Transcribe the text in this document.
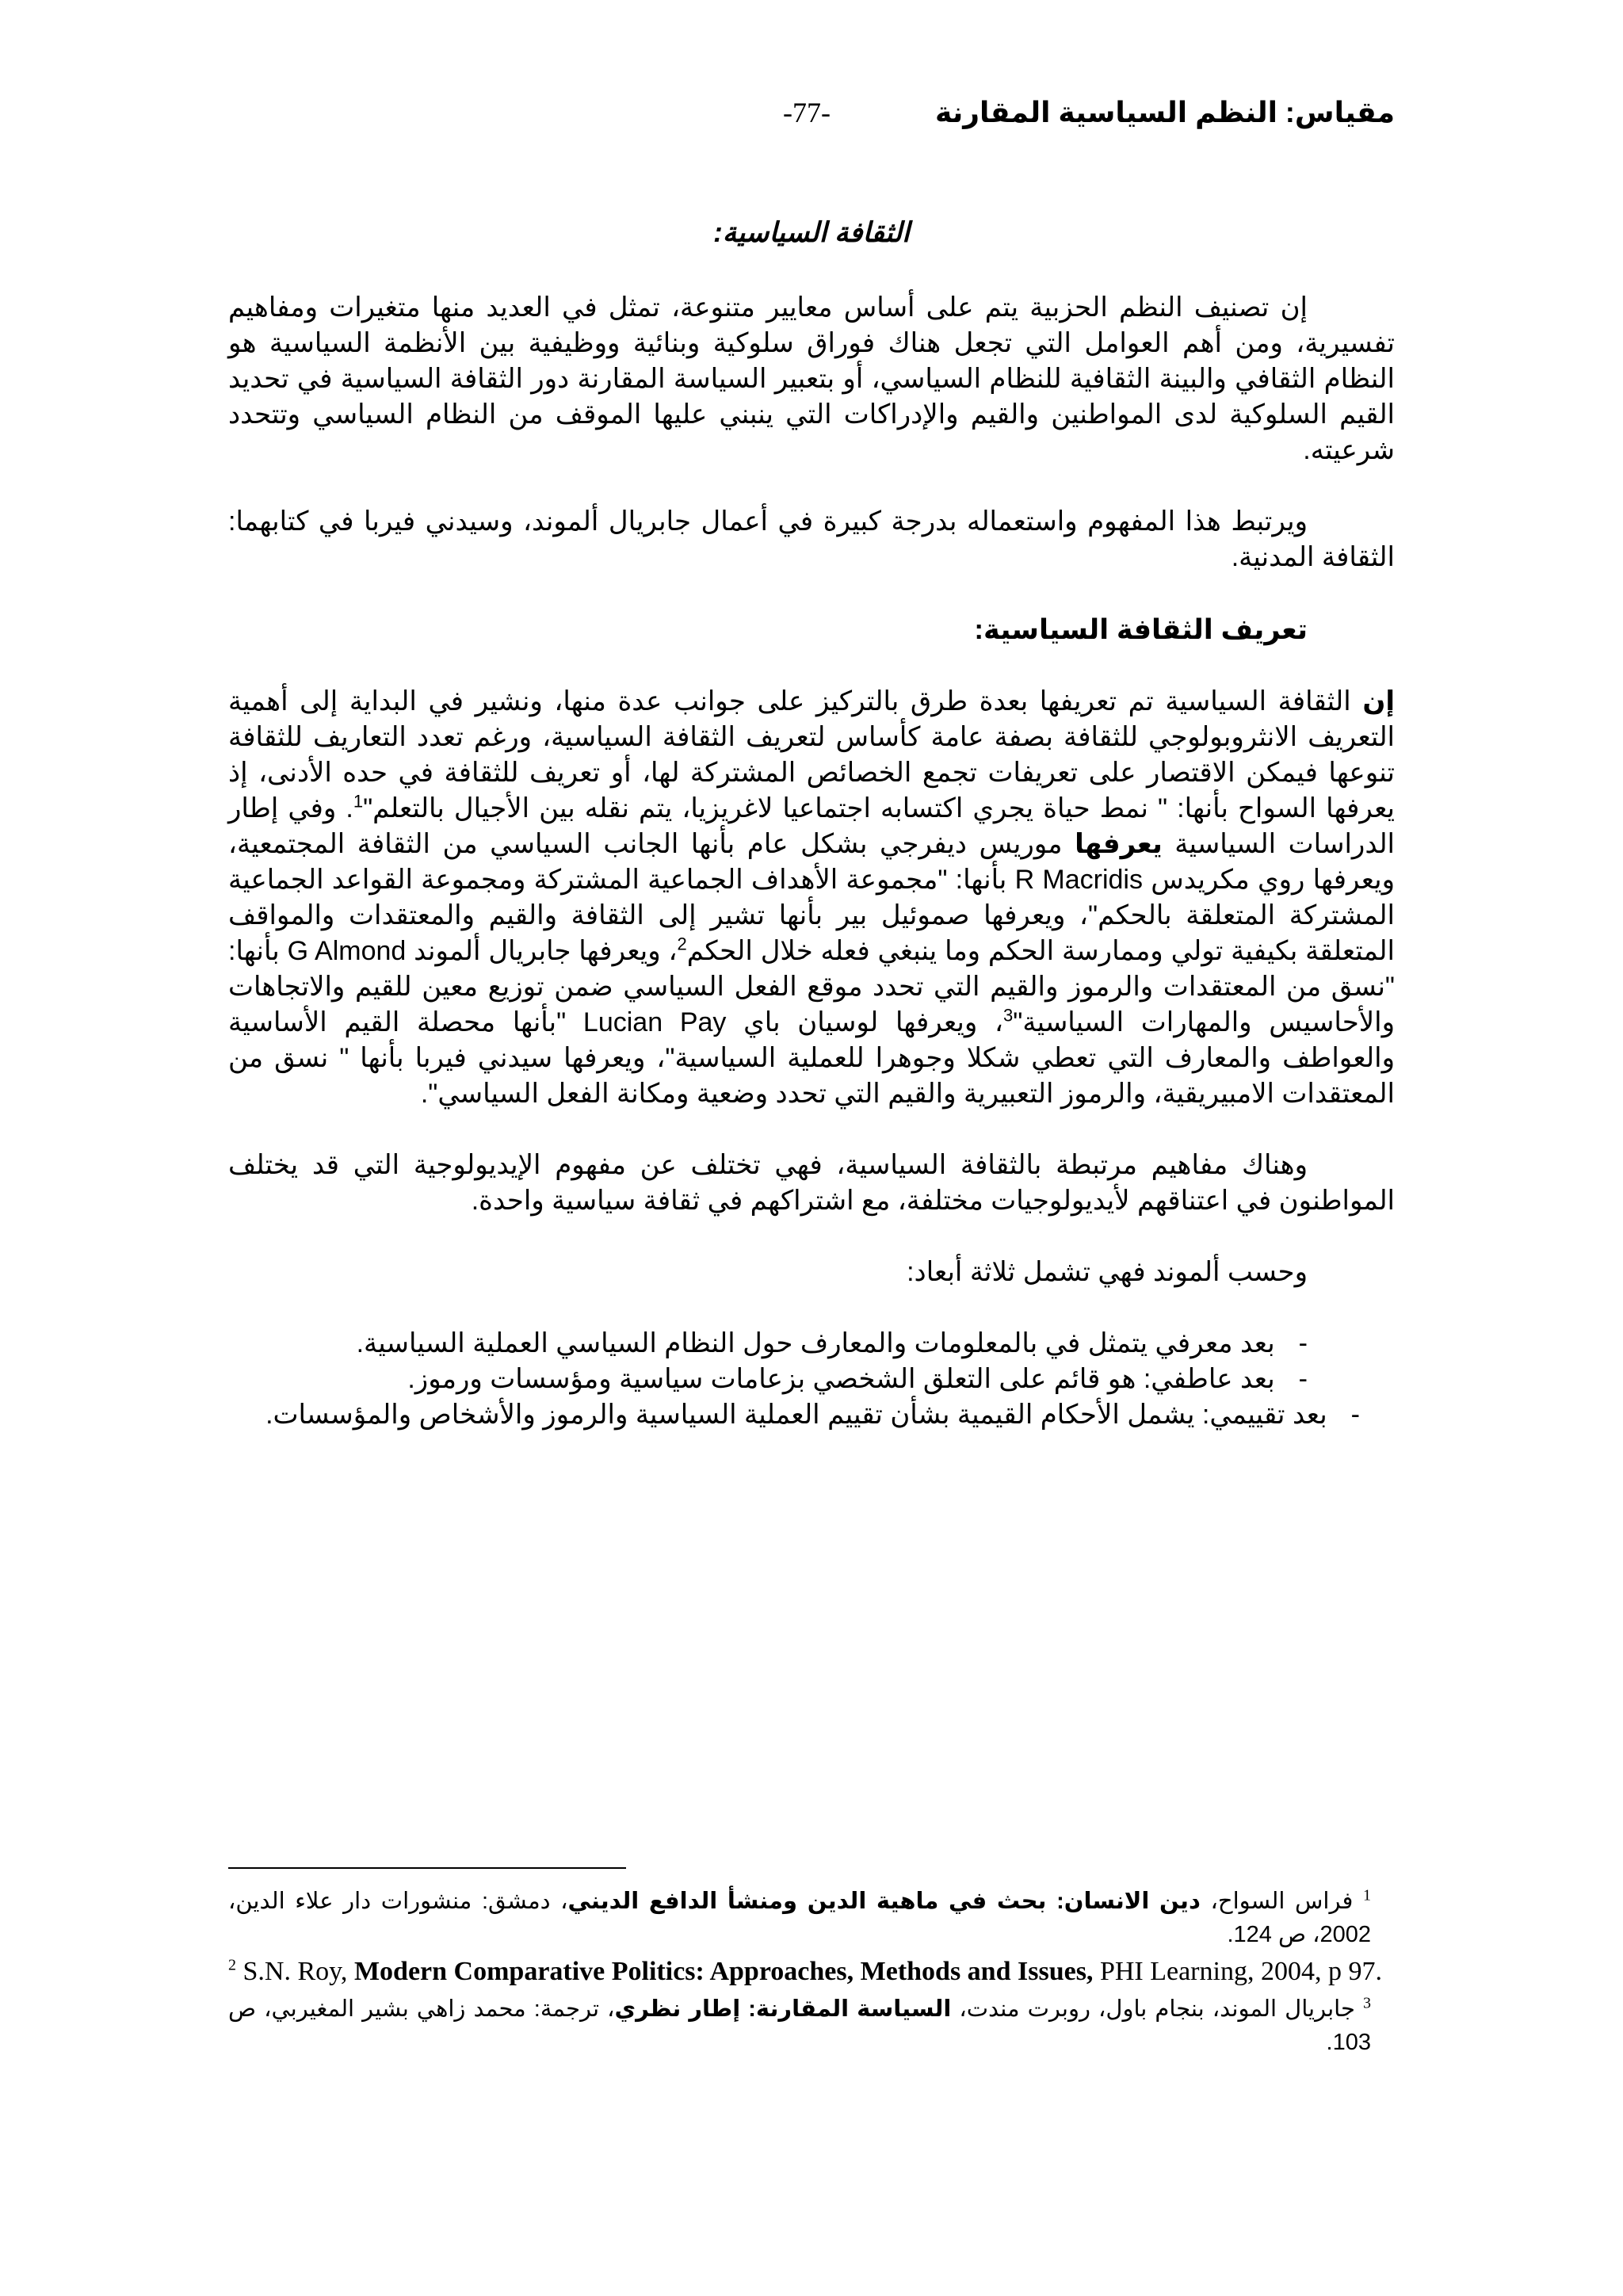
مقياس: النظم السياسية المقارنة
-77-
الثقافة السياسية:

إن تصنيف النظم الحزبية يتم على أساس معايير متنوعة، تمثل في العديد منها متغيرات ومفاهيم تفسيرية، ومن أهم العوامل التي تجعل هناك فوراق سلوكية وبنائية ووظيفية بين الأنظمة السياسية هو النظام الثقافي والبينة الثقافية للنظام السياسي، أو بتعبير السياسة المقارنة دور الثقافة السياسية في تحديد القيم السلوكية لدى المواطنين والقيم والإدراكات التي ينبني عليها الموقف من النظام السياسي وتتحدد شرعيته.

ويرتبط هذا المفهوم واستعماله بدرجة كبيرة في أعمال جابريال ألموند، وسيدني فيربا في كتابهما: الثقافة المدنية.

تعريف الثقافة السياسية:

إن الثقافة السياسية تم تعريفها بعدة طرق بالتركيز على جوانب عدة منها، ونشير في البداية إلى أهمية التعريف الانثروبولوجي للثقافة بصفة عامة كأساس لتعريف الثقافة السياسية، ورغم تعدد التعاريف للثقافة تنوعها فيمكن الاقتصار على تعريفات تجمع الخصائص المشتركة لها، أو تعريف للثقافة في حده الأدنى، إذ يعرفها السواح بأنها: " نمط حياة يجري اكتسابه اجتماعيا لاغريزيا، يتم نقله بين الأجيال بالتعلم"$^1$. وفي إطار الدراسات السياسية يعرفها موريس ديفرجي بشكل عام بأنها الجانب السياسي من الثقافة المجتمعية، ويعرفها روي مكريدس R Macridis بأنها: "مجموعة الأهداف الجماعية المشتركة ومجموعة القواعد الجماعية المشتركة المتعلقة بالحكم"، ويعرفها صموئيل بير بأنها تشير إلى الثقافة والقيم والمعتقدات والمواقف المتعلقة بكيفية تولي وممارسة الحكم وما ينبغي فعله خلال الحكم$^2$، ويعرفها جابريال ألموند G Almond بأنها: "نسق من المعتقدات والرموز والقيم التي تحدد موقع الفعل السياسي ضمن توزيع معين للقيم والاتجاهات والأحاسيس والمهارات السياسية"$^3$، ويعرفها لوسيان باي Lucian Pay "بأنها محصلة القيم الأساسية والعواطف والمعارف التي تعطي شكلا وجوهرا للعملية السياسية"، ويعرفها سيدني فيربا بأنها " نسق من المعتقدات الامبيريقية، والرموز التعبيرية والقيم التي تحدد وضعية ومكانة الفعل السياسي".

وهناك مفاهيم مرتبطة بالثقافة السياسية، فهي تختلف عن مفهوم الإيديولوجية التي قد يختلف المواطنون في اعتناقهم لأيديولوجيات مختلفة، مع اشتراكهم في ثقافة سياسية واحدة.

وحسب ألموند فهي تشمل ثلاثة أبعاد:

-بعد معرفي يتمثل في بالمعلومات والمعارف حول النظام السياسي العملية السياسية.
-بعد عاطفي: هو قائم على التعلق الشخصي بزعامات سياسية ومؤسسات ورموز.
-بعد تقييمي: يشمل الأحكام القيمية بشأن تقييم العملية السياسية والرموز والأشخاص والمؤسسات.

$^1$ فراس السواح، دين الانسان: بحث في ماهية الدين ومنشأ الدافع الديني، دمشق: منشورات دار علاء الدين، 2002، ص 124.

$^2$ S.N. Roy, Modern Comparative Politics: Approaches, Methods and Issues, PHI Learning, 2004, p 97.

$^3$ جابريال الموند، بنجام باول، روبرت مندت، السياسة المقارنة: إطار نظري، ترجمة: محمد زاهي بشير المغيربي، ص 103.
